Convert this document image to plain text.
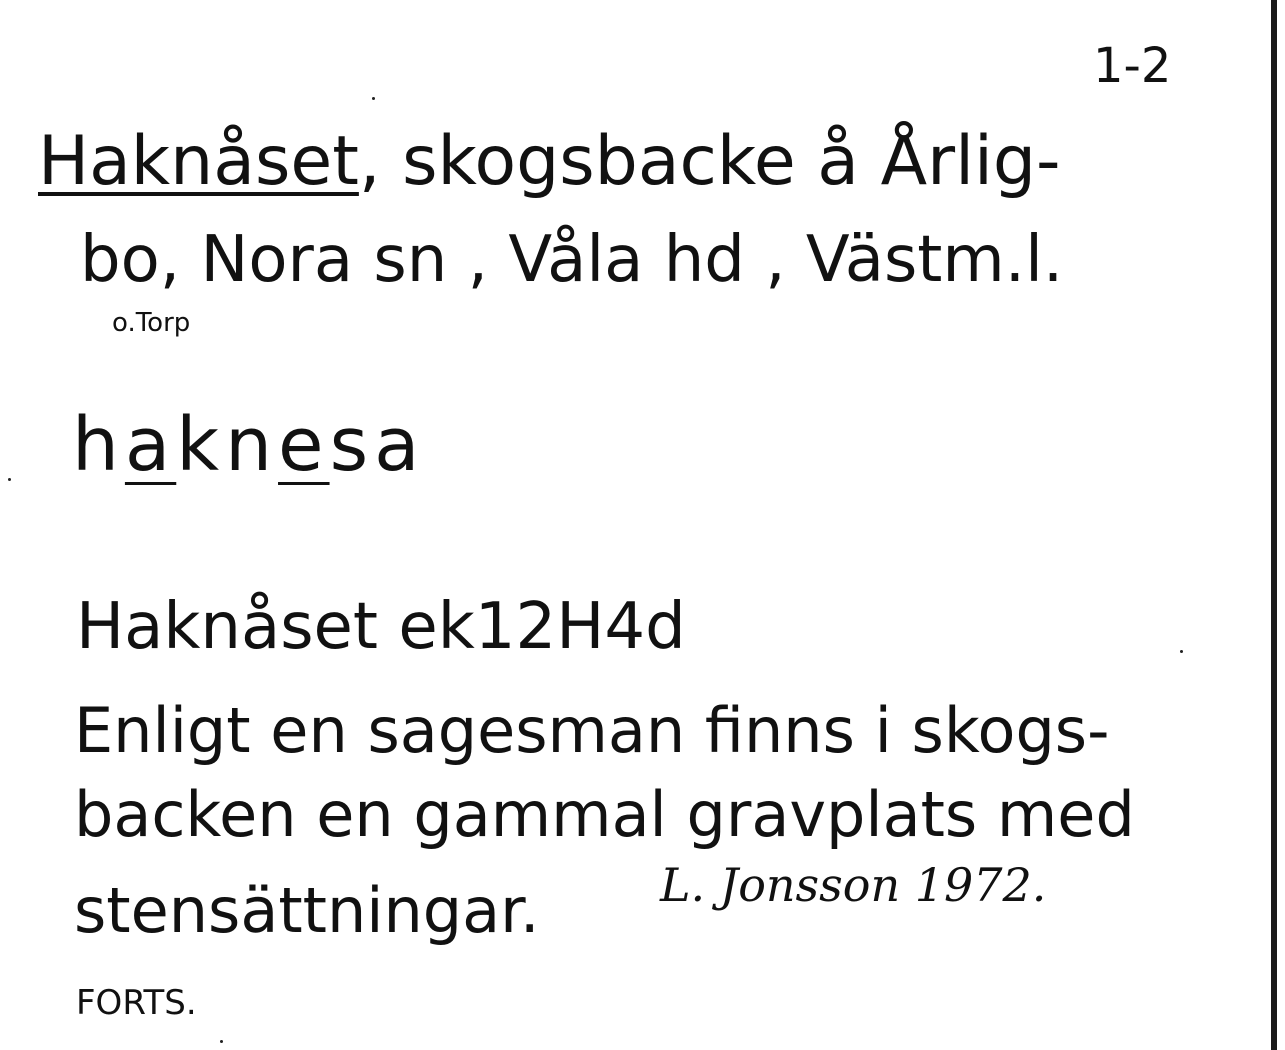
1-2
Haknåset, skogsbacke å Årlig-
bo, Nora sn , Våla hd , Västm.l.
o.Torp
haknesa
Haknåset ek12H4d
Enligt en sagesman finns i skogs-
backen en gammal gravplats med
stensättningar.	L. Jonsson 1972.
FORTS.
